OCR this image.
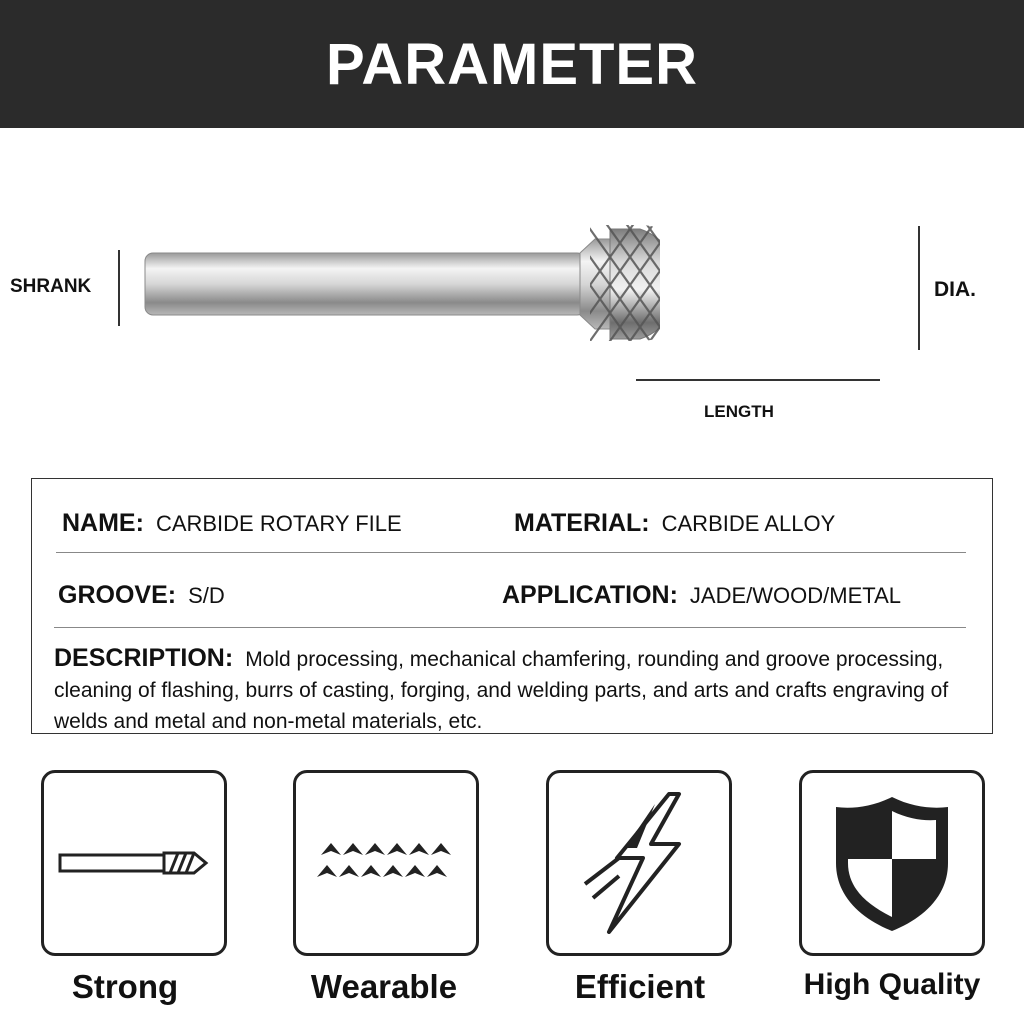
PARAMETER
SHRANK	DIA.
LENGTH
NAME: CARBIDE ROTARY FILE	MATERIAL: CARBIDE ALLOY
GROOVE: S/D	APPLICATION: JADE/WOOD/METAL
DESCRIPTION: Mold processing, mechanical chamfering, rounding and groove processing, cleaning of flashing, burrs of casting, forging, and welding parts, and arts and crafts engraving of welds and metal and non-metal materials, etc.
Strong	Wearable	Efficient	High Quality
